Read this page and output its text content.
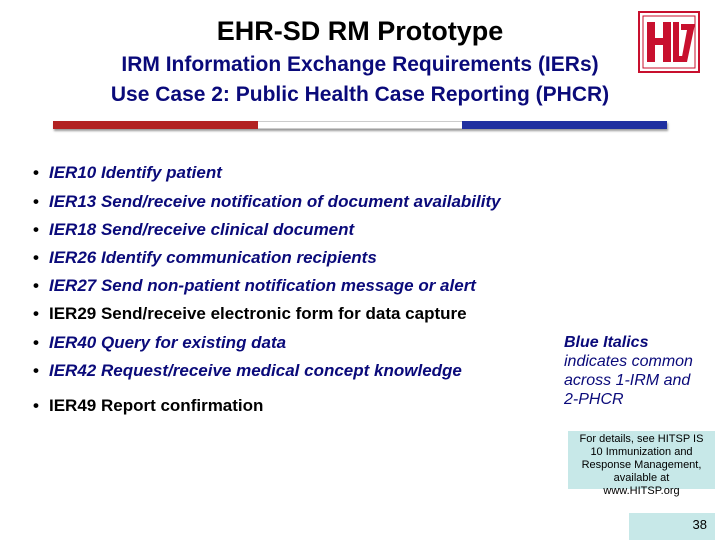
EHR-SD RM Prototype
IRM Information Exchange Requirements (IERs)
Use Case 2: Public Health Case Reporting (PHCR)
• IER10 Identify patient
• IER13 Send/receive notification of document availability
• IER18 Send/receive clinical document
• IER26 Identify communication recipients
• IER27 Send non-patient notification message or alert
• IER29 Send/receive electronic form for data capture
• IER40 Query for existing data
• IER42 Request/receive medical concept knowledge
• IER49 Report confirmation
Blue Italics
indicates common
across 1-IRM and
2-PHCR
For details, see HITSP IS
10 Immunization and
Response Management,
available at
www.HITSP.org
38
